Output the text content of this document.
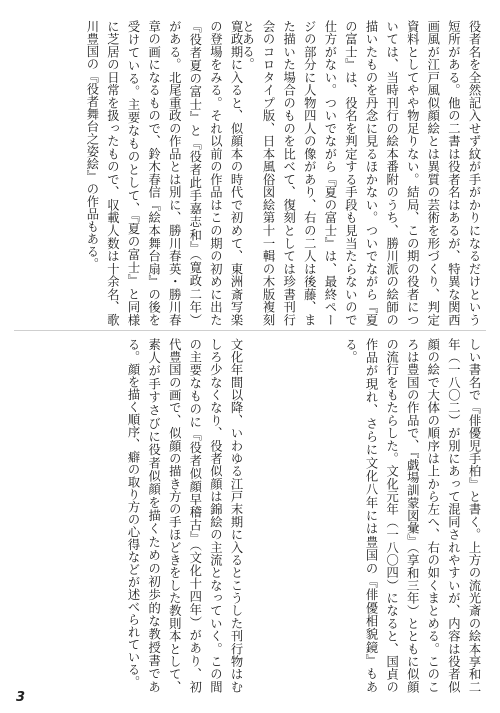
役者名を全然記入せず紋が手がかりになるだけという短所がある。他の二書は役者名はあるが、特異な関西画風が江戸風似顔絵とは異質の芸術を形づくり、判定資料としてやや物足りない。結局、この期の役者については、当時刊行の絵本番附のうち、勝川派の絵師の描いたものを丹念に見るほかない。ついでながら『夏の富士』は、役名を判定する手段も見当たらないので仕方がない。ついでながら『夏の富士』は、最終ページの部分に人物四人の像があり、右の二人は後藤、また描いた場合のものを比べて、復刻としては珍書刊行会のコロタイプ版、日本風俗図絵第十一輯の木版複刻とある。

寛政期に入ると、似顔本の時代で初めて、東洲斎写楽の登場をみる。それ以前の作品はこの期の初めに出た『役者夏の富士』と『役者此手嘉志和』（寛政二年）がある。北尾重政の作品とは別に、勝川春英・勝川春章の画になるもので、鈴木春信『絵本舞台扇』の後を受けている。主要なものとして、『夏の富士』と同様に芝居の日常を扱ったもので、収載人数は十余名、歌川豊国の『役者舞台之姿絵』の作品もある。

しい書名で『俳優児手柏』と書く。上方の流光斎の絵本享和二年（一八〇二）が別にあって混同されやすいが、内容は役者似顔の絵で大体の順序は上から左へ、右の如くまとめる。このころは豊国の作品で、『戯場訓蒙図彙』（享和三年）とともに似顔の流行をもたらした。文化元年（一八〇四）になると、国貞の作品が現れ、さらに文化八年には豊国の『俳優相貌鏡』もある。

文化年間以降、いわゆる江戸末期に入るとこうした刊行物はむしろ少なくなり、役者似顔は錦絵の主流となっていく。この間の主要なものに『役者似顔早稽古』（文化十四年）があり、初代豊国の画で、似顔の描き方の手ほどきをした教則本として、素人が手すさびに役者似顔を描くための初歩的な教授書である。顔を描く順序、癖の取り方の心得などが述べられている。

3
